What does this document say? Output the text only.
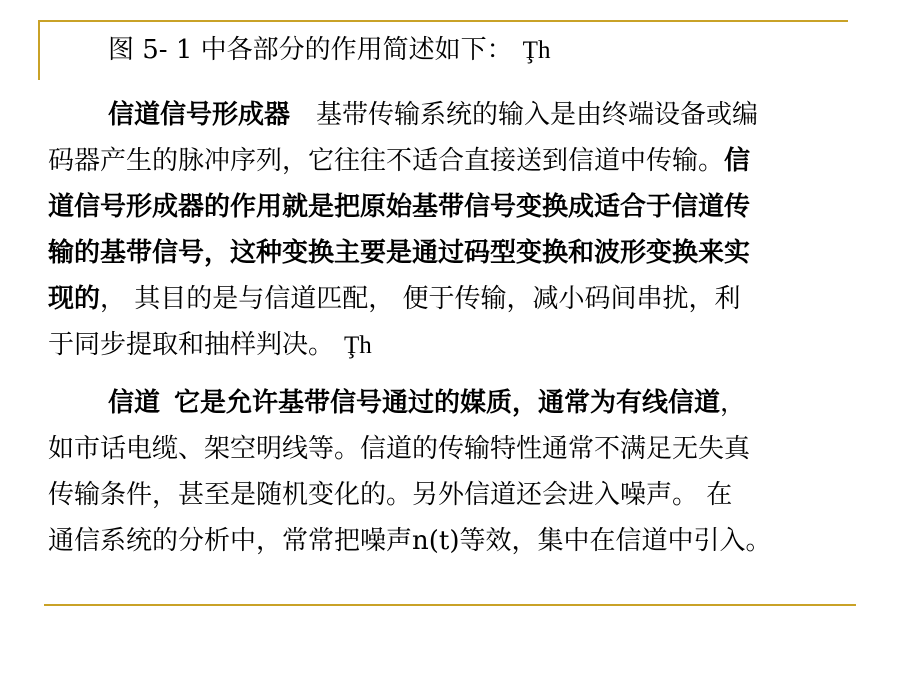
图 5- 1 中各部分的作用简述如下： Ţh
信道信号形成器 基带传输系统的输入是由终端设备或编
码器产生的脉冲序列，它往往不适合直接送到信道中传输。信
道信号形成器的作用就是把原始基带信号变换成适合于信道传
输的基带信号，这种变换主要是通过码型变换和波形变换来实
现的， 其目的是与信道匹配， 便于传输，减小码间串扰，利
于同步提取和抽样判决。 Ţh
信道 它是允许基带信号通过的媒质，通常为有线信道，
如市话电缆、架空明线等。信道的传输特性通常不满足无失真
传输条件，甚至是随机变化的。另外信道还会进入噪声。 在
通信系统的分析中，常常把噪声n(t)等效，集中在信道中引入。
